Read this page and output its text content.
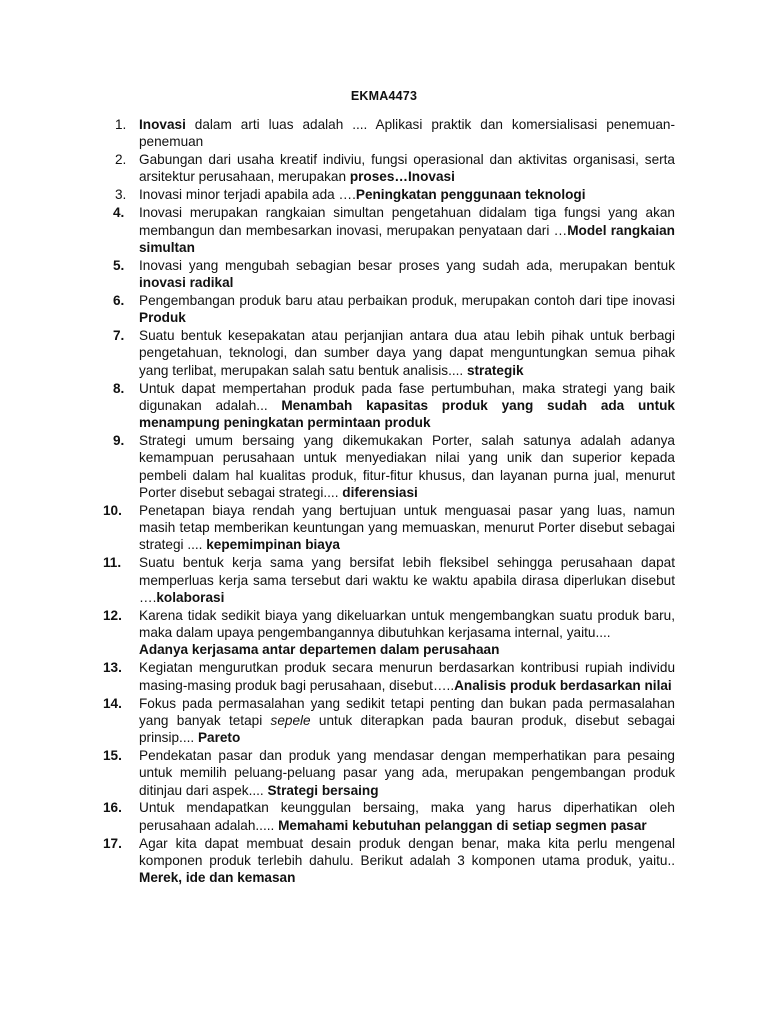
EKMA4473
1. Inovasi dalam arti luas adalah .... Aplikasi praktik dan komersialisasi penemuan-penemuan
2. Gabungan dari usaha kreatif indiviu, fungsi operasional dan aktivitas organisasi, serta arsitektur perusahaan, merupakan proses…Inovasi
3. Inovasi minor terjadi apabila ada ….Peningkatan penggunaan teknologi
4. Inovasi merupakan rangkaian simultan pengetahuan didalam tiga fungsi yang akan membangun dan membesarkan inovasi, merupakan penyataan dari …Model rangkaian simultan
5. Inovasi yang mengubah sebagian besar proses yang sudah ada, merupakan bentuk inovasi radikal
6. Pengembangan produk baru atau perbaikan produk, merupakan contoh dari tipe inovasi Produk
7. Suatu bentuk kesepakatan atau perjanjian antara dua atau lebih pihak untuk berbagi pengetahuan, teknologi, dan sumber daya yang dapat menguntungkan semua pihak yang terlibat, merupakan salah satu bentuk analisis.... strategik
8. Untuk dapat mempertahan produk pada fase pertumbuhan, maka strategi yang baik digunakan adalah... Menambah kapasitas produk yang sudah ada untuk menampung peningkatan permintaan produk
9. Strategi umum bersaing yang dikemukakan Porter, salah satunya adalah adanya kemampuan perusahaan untuk menyediakan nilai yang unik dan superior kepada pembeli dalam hal kualitas produk, fitur-fitur khusus, dan layanan purna jual, menurut Porter disebut sebagai strategi.... diferensiasi
10. Penetapan biaya rendah yang bertujuan untuk menguasai pasar yang luas, namun masih tetap memberikan keuntungan yang memuaskan, menurut Porter disebut sebagai strategi .... kepemimpinan biaya
11. Suatu bentuk kerja sama yang bersifat lebih fleksibel sehingga perusahaan dapat memperluas kerja sama tersebut dari waktu ke waktu apabila dirasa diperlukan disebut ….kolaborasi
12. Karena tidak sedikit biaya yang dikeluarkan untuk mengembangkan suatu produk baru, maka dalam upaya pengembangannya dibutuhkan kerjasama internal, yaitu....
Adanya kerjasama antar departemen dalam perusahaan
13. Kegiatan mengurutkan produk secara menurun berdasarkan kontribusi rupiah individu masing-masing produk bagi perusahaan, disebut…..Analisis produk berdasarkan nilai
14. Fokus pada permasalahan yang sedikit tetapi penting dan bukan pada permasalahan yang banyak tetapi sepele untuk diterapkan pada bauran produk, disebut sebagai prinsip.... Pareto
15. Pendekatan pasar dan produk yang mendasar dengan memperhatikan para pesaing untuk memilih peluang-peluang pasar yang ada, merupakan pengembangan produk ditinjau dari aspek.... Strategi bersaing
16. Untuk mendapatkan keunggulan bersaing, maka yang harus diperhatikan oleh perusahaan adalah..... Memahami kebutuhan pelanggan di setiap segmen pasar
17. Agar kita dapat membuat desain produk dengan benar, maka kita perlu mengenal komponen produk terlebih dahulu. Berikut adalah 3 komponen utama produk, yaitu.. Merek, ide dan kemasan
